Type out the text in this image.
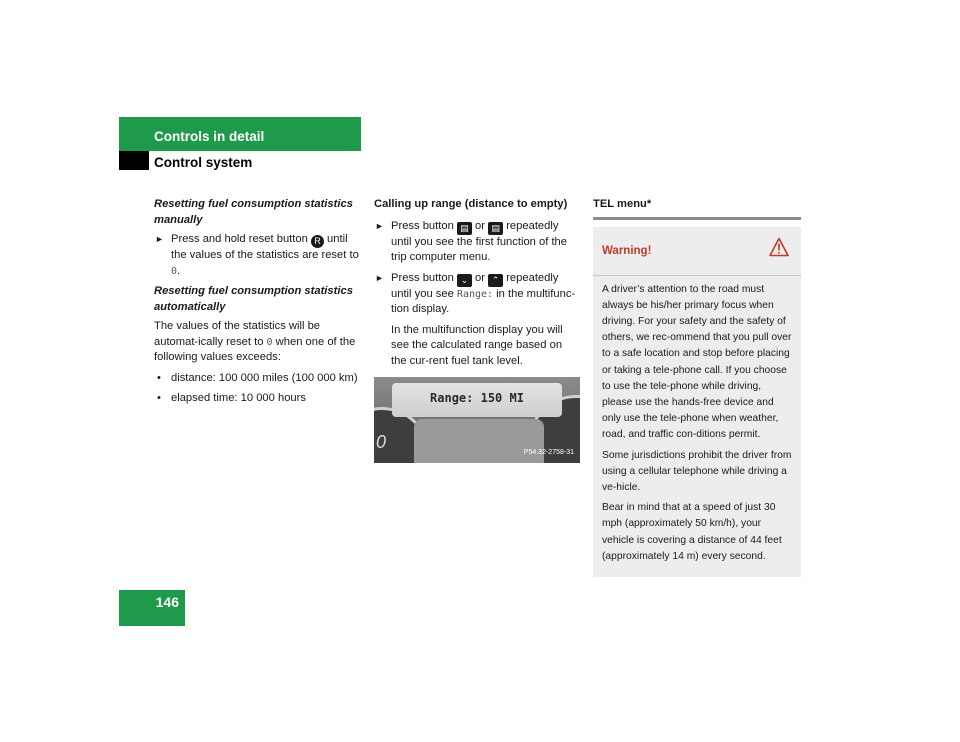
Controls in detail
Control system
Resetting fuel consumption statistics manually
► Press and hold reset button R until the values of the statistics are reset to 0.
Resetting fuel consumption statistics automatically

The values of the statistics will be automat-ically reset to 0 when one of the following values exceeds:

• distance: 100 000 miles (100 000 km)
• elapsed time: 10 000 hours
Calling up range (distance to empty)
► Press button ▤ or ▤ repeatedly until you see the first function of the trip computer menu.
► Press button ⌄ or ⌃ repeatedly until you see Range: in the multifunc-tion display.

In the multifunction display you will see the calculated range based on the cur-rent fuel tank level.

Range: 150 MI
0	P54.32-2758-31
TEL menu*
Warning!

A driver’s attention to the road must always be his/her primary focus when driving. For your safety and the safety of others, we rec-ommend that you pull over to a safe location and stop before placing or taking a tele-phone call. If you choose to use the tele-phone while driving, please use the hands-free device and only use the tele-phone when weather, road, and traffic con-ditions permit.

Some jurisdictions prohibit the driver from using a cellular telephone while driving a ve-hicle.

Bear in mind that at a speed of just 30 mph (approximately 50 km/h), your vehicle is covering a distance of 44 feet (approximately 14 m) every second.

146
